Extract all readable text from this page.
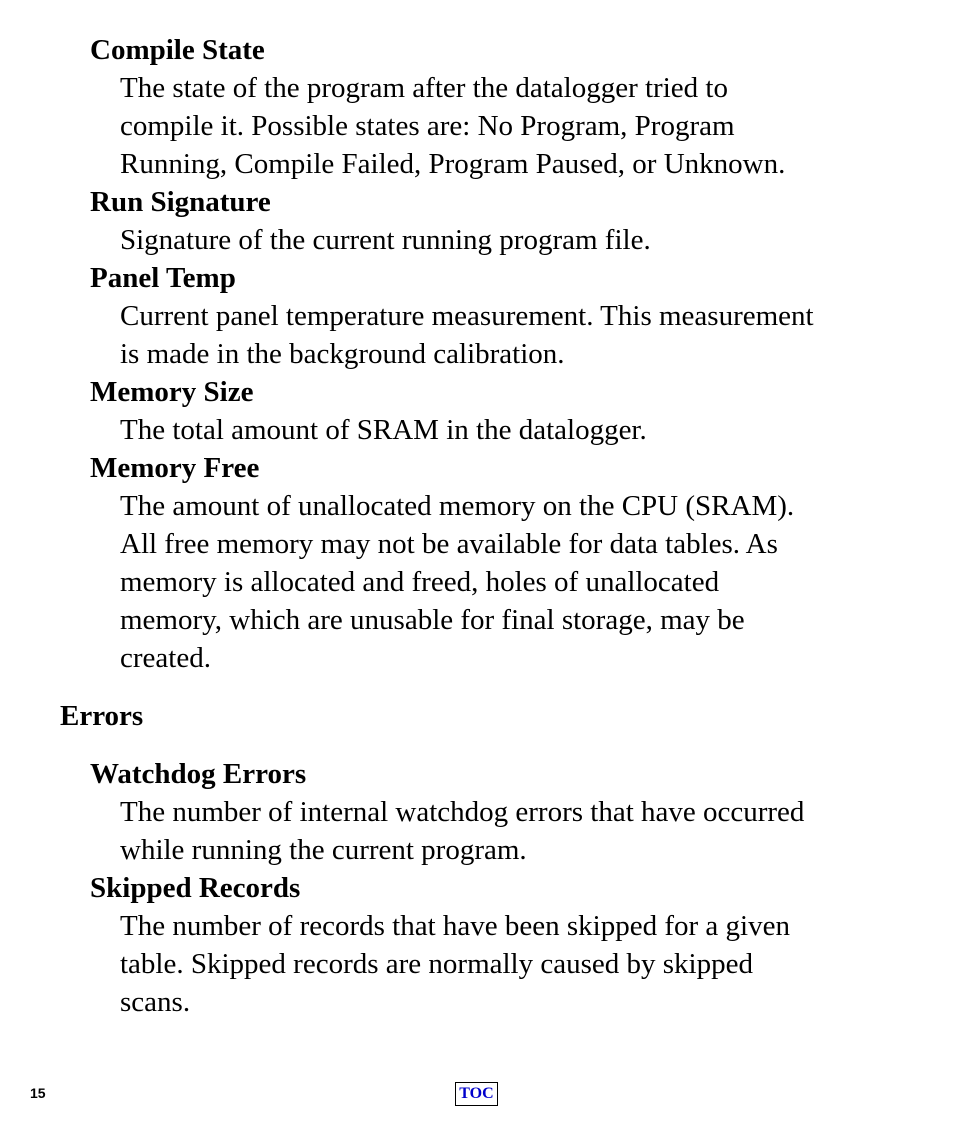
Compile State
The state of the program after the datalogger tried to
compile it. Possible states are: No Program, Program
Running, Compile Failed, Program Paused, or Unknown.
Run Signature
Signature of the current running program file.
Panel Temp
Current panel temperature measurement. This measurement
is made in the background calibration.
Memory Size
The total amount of SRAM in the datalogger.
Memory Free
The amount of unallocated memory on the CPU (SRAM).
All free memory may not be available for data tables. As
memory is allocated and freed, holes of unallocated
memory, which are unusable for final storage, may be
created.
Errors
Watchdog Errors
The number of internal watchdog errors that have occurred
while running the current program.
Skipped Records
The number of records that have been skipped for a given
table. Skipped records are normally caused by skipped
scans.
15	TOC
